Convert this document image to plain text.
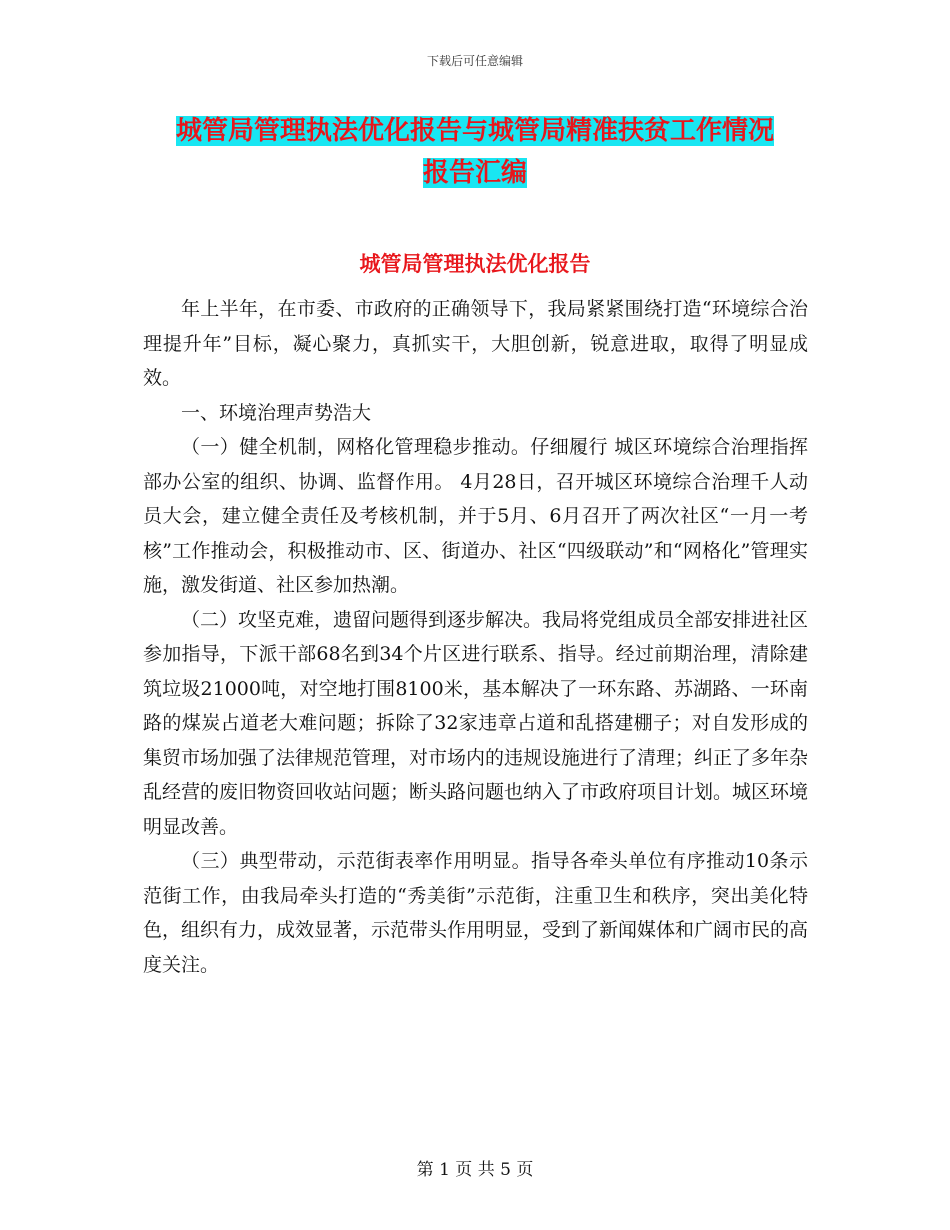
下载后可任意编辑
城管局管理执法优化报告与城管局精准扶贫工作情况
报告汇编
城管局管理执法优化报告

年上半年，在市委、市政府的正确领导下，我局紧紧围绕打造“环境综合治理提升年”目标，凝心聚力，真抓实干，大胆创新，锐意进取，取得了明显成效。

一、环境治理声势浩大

（一）健全机制，网格化管理稳步推动。仔细履行 城区环境综合治理指挥部办公室的组织、协调、监督作用。 4月28日，召开城区环境综合治理千人动员大会，建立健全责任及考核机制，并于5月、6月召开了两次社区“一月一考核”工作推动会，积极推动市、区、街道办、社区“四级联动”和“网格化”管理实施，激发街道、社区参加热潮。

（二）攻坚克难，遗留问题得到逐步解决。我局将党组成员全部安排进社区参加指导，下派干部68名到34个片区进行联系、指导。经过前期治理，清除建筑垃圾21000吨，对空地打围8100米，基本解决了一环东路、苏湖路、一环南路的煤炭占道老大难问题；拆除了32家违章占道和乱搭建棚子；对自发形成的集贸市场加强了法律规范管理，对市场内的违规设施进行了清理；纠正了多年杂乱经营的废旧物资回收站问题；断头路问题也纳入了市政府项目计划。城区环境明显改善。

（三）典型带动，示范街表率作用明显。指导各牵头单位有序推动10条示范街工作，由我局牵头打造的“秀美街”示范街，注重卫生和秩序，突出美化特色，组织有力，成效显著，示范带头作用明显，受到了新闻媒体和广阔市民的高度关注。

第 1 页 共 5 页
